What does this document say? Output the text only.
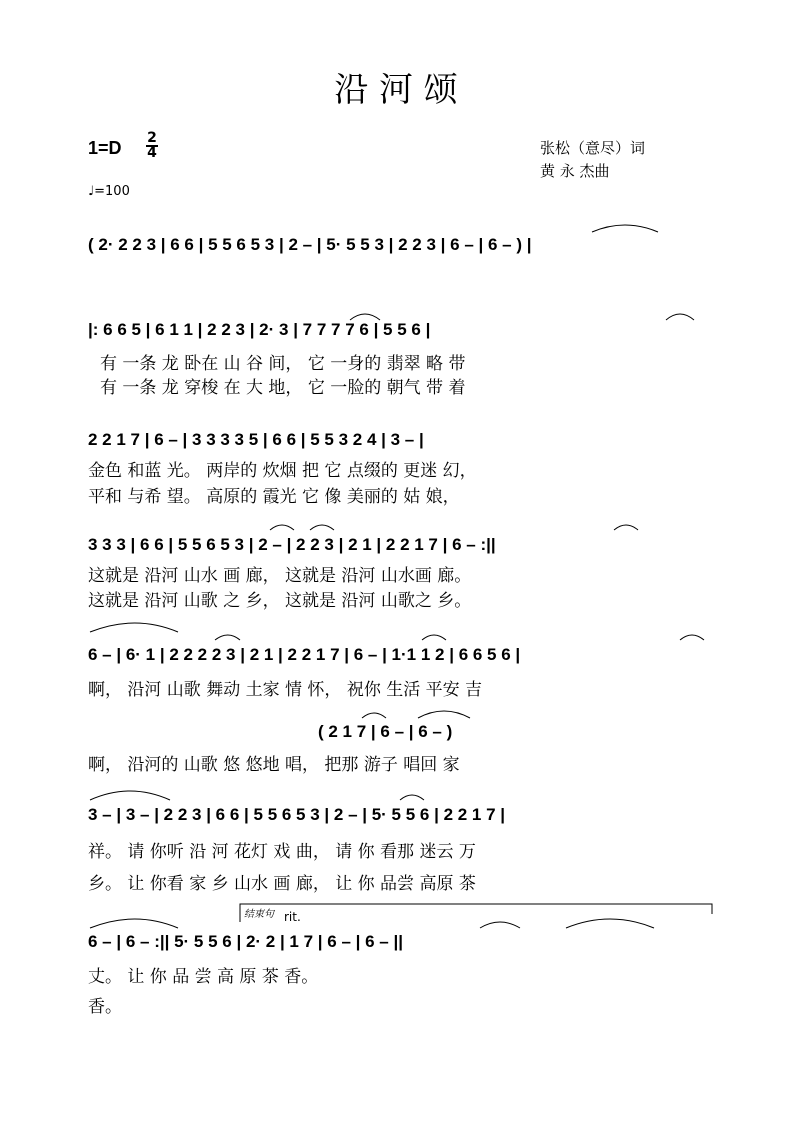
沿 河 颂
$1=D \frac{2}{4}$
♩=100
张松（意尽）词
黄 永 杰曲
( 2· 2 2 3 | 6 6 | 5 5 6 5 3 | 2 – | 5· 5 5 3 | 2 2 3 | 6 – | 6 – ) |
|: 6 6 5 | 6 1 1 | 2 2 3 | 2· 3 | 7 7 7 7 6 | 5 5 6 |
有 一条 龙 卧在 山 谷 间， 它 一身的 翡翠 略 带
有 一条 龙 穿梭 在 大 地， 它 一脸的 朝气 带 着
2 2 1 7 | 6 – | 3 3 3 3 5 | 6 6 | 5 5 3 2 4 | 3 – |
金色 和蓝 光。 两岸的 炊烟 把 它 点缀的 更迷 幻，
平和 与希 望。 高原的 霞光 它 像 美丽的 姑 娘，
3 3 3 | 6 6 | 5 5 6 5 3 | 2 – | 2 2 3 | 2 1 | 2 2 1 7 | 6 – :||
这就是 沿河 山水 画 廊， 这就是 沿河 山水画 廊。
这就是 沿河 山歌 之 乡， 这就是 沿河 山歌之 乡。
6 – | 6· 1 | 2 2 2 2 3 | 2 1 | 2 2 1 7 | 6 – | 1·1 1 2 | 6 6 5 6 |
啊， 沿河 山歌 舞动 土家 情 怀， 祝你 生活 平安 吉
( 2 1 7 | 6 – | 6 – )
啊， 沿河的 山歌 悠 悠地 唱， 把那 游子 唱回 家
3 – | 3 – | 2 2 3 | 6 6 | 5 5 6 5 3 | 2 – | 5· 5 5 6 | 2 2 1 7 |
祥。 请 你听 沿 河 花灯 戏 曲， 请 你 看那 迷云 万
乡。 让 你看 家 乡 山水 画 廊， 让 你 品尝 高原 茶
结束句 rit.
6 – | 6 – :|| 5· 5 5 6 | 2· 2 | 1 7 | 6 – | 6 – ||
丈。 让 你 品 尝 高 原 茶 香。
香。
